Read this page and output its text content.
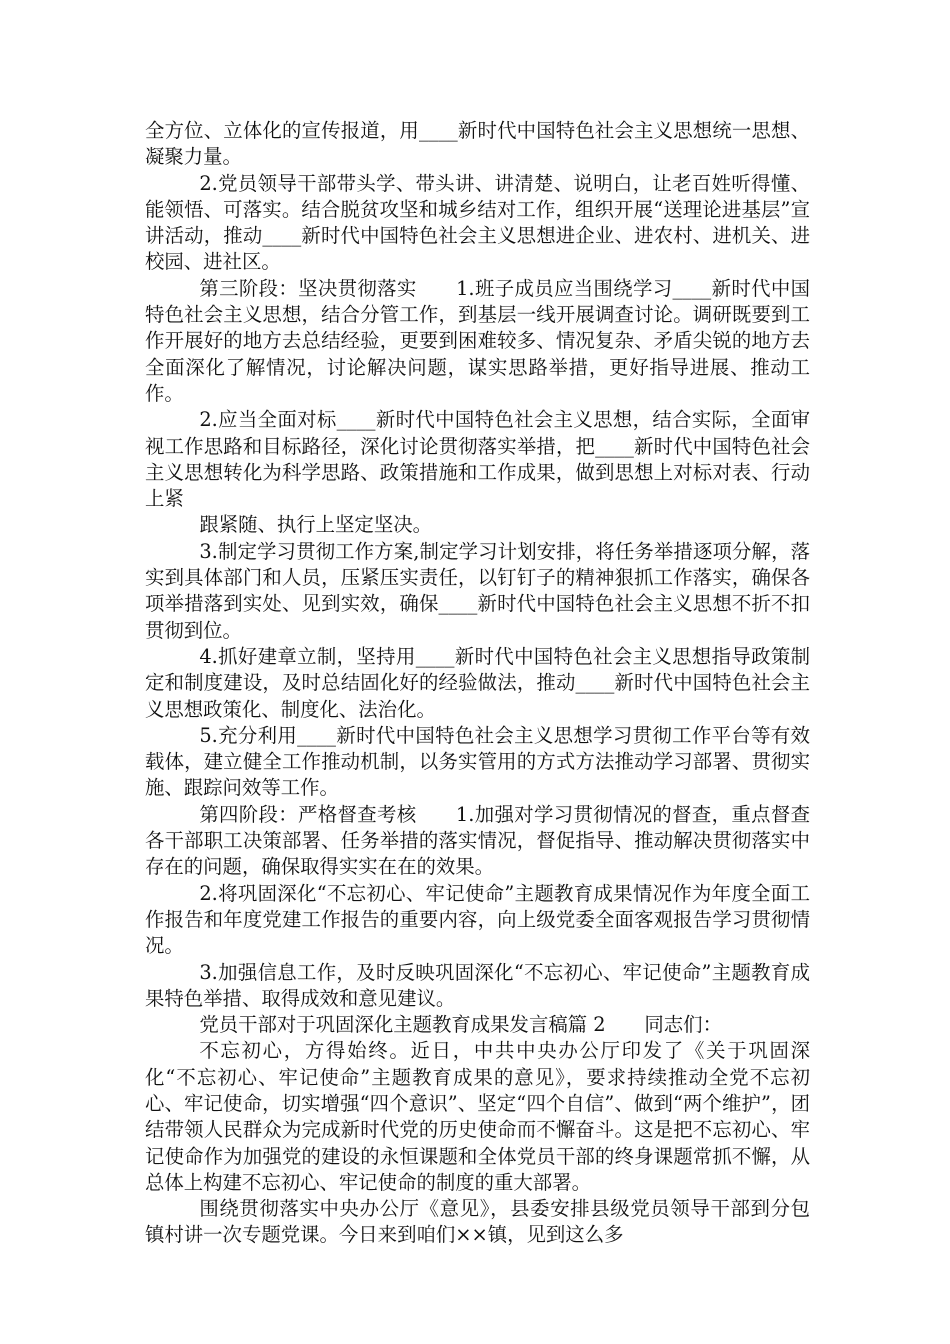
全方位、立体化的宣传报道，用____新时代中国特色社会主义思想统一思想、凝聚力量。

2.党员领导干部带头学、带头讲、讲清楚、说明白，让老百姓听得懂、能领悟、可落实。结合脱贫攻坚和城乡结对工作，组织开展“送理论进基层”宣讲活动，推动____新时代中国特色社会主义思想进企业、进农村、进机关、进校园、进社区。

第三阶段：坚决贯彻落实　　1.班子成员应当围绕学习____新时代中国特色社会主义思想，结合分管工作，到基层一线开展调查讨论。调研既要到工作开展好的地方去总结经验，更要到困难较多、情况复杂、矛盾尖锐的地方去全面深化了解情况，讨论解决问题，谋实思路举措，更好指导进展、推动工作。

2.应当全面对标____新时代中国特色社会主义思想，结合实际，全面审视工作思路和目标路径，深化讨论贯彻落实举措，把____新时代中国特色社会主义思想转化为科学思路、政策措施和工作成果，做到思想上对标对表、行动上紧

跟紧随、执行上坚定坚决。

3.制定学习贯彻工作方案,制定学习计划安排，将任务举措逐项分解，落实到具体部门和人员，压紧压实责任，以钉钉子的精神狠抓工作落实，确保各项举措落到实处、见到实效，确保____新时代中国特色社会主义思想不折不扣贯彻到位。

4.抓好建章立制，坚持用____新时代中国特色社会主义思想指导政策制定和制度建设，及时总结固化好的经验做法，推动____新时代中国特色社会主义思想政策化、制度化、法治化。

5.充分利用____新时代中国特色社会主义思想学习贯彻工作平台等有效载体，建立健全工作推动机制，以务实管用的方式方法推动学习部署、贯彻实施、跟踪问效等工作。

第四阶段：严格督查考核　　1.加强对学习贯彻情况的督查，重点督查各干部职工决策部署、任务举措的落实情况，督促指导、推动解决贯彻落实中存在的问题，确保取得实实在在的效果。

2.将巩固深化“不忘初心、牢记使命”主题教育成果情况作为年度全面工作报告和年度党建工作报告的重要内容，向上级党委全面客观报告学习贯彻情况。

3.加强信息工作，及时反映巩固深化“不忘初心、牢记使命”主题教育成果特色举措、取得成效和意见建议。

党员干部对于巩固深化主题教育成果发言稿篇 2　　同志们：

不忘初心，方得始终。近日，中共中央办公厅印发了《关于巩固深化“不忘初心、牢记使命”主题教育成果的意见》，要求持续推动全党不忘初心、牢记使命，切实增强“四个意识”、坚定“四个自信”、做到“两个维护”，团结带领人民群众为完成新时代党的历史使命而不懈奋斗。这是把不忘初心、牢记使命作为加强党的建设的永恒课题和全体党员干部的终身课题常抓不懈，从总体上构建不忘初心、牢记使命的制度的重大部署。

围绕贯彻落实中央办公厅《意见》，县委安排县级党员领导干部到分包镇村讲一次专题党课。今日来到咱们××镇，见到这么多
